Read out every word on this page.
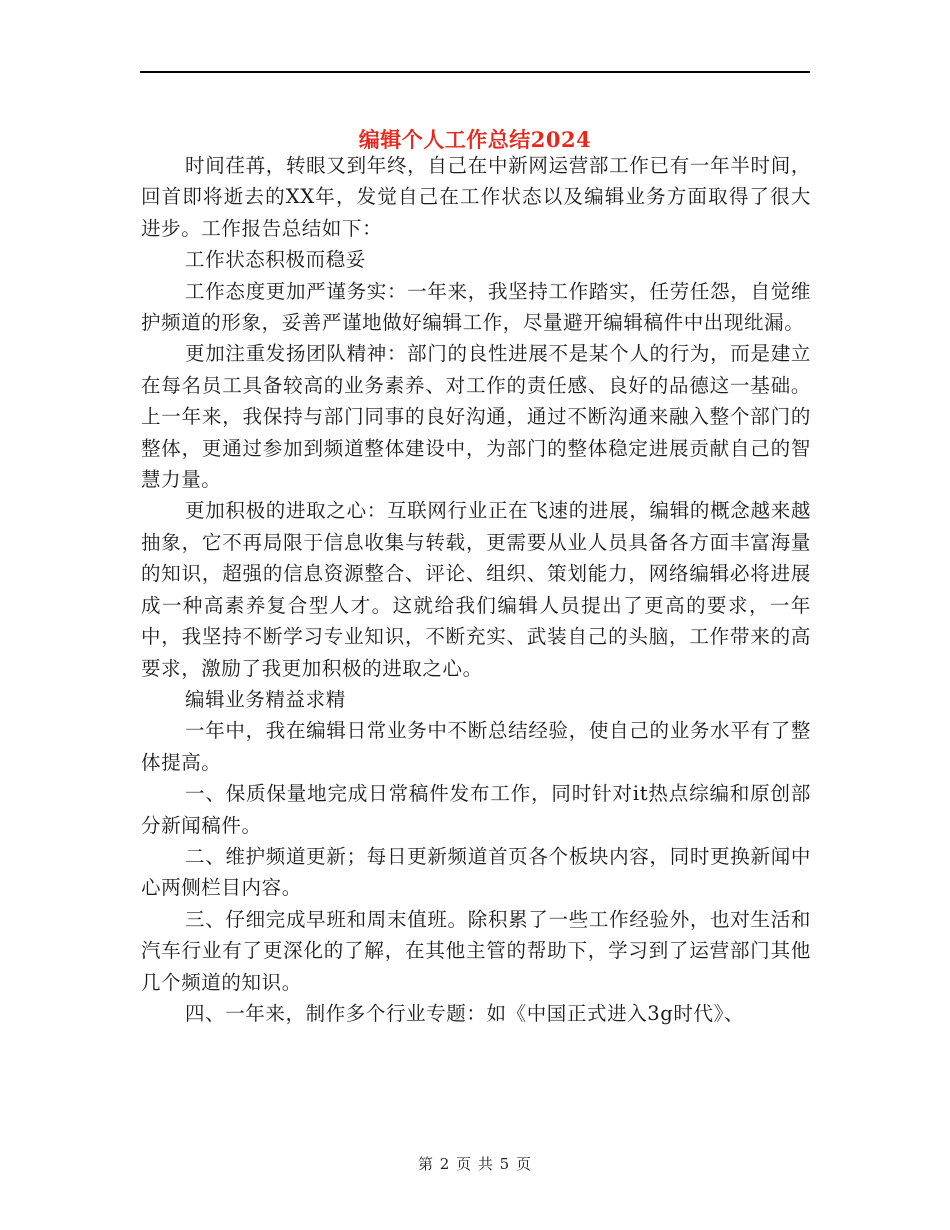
编辑个人工作总结2024

时间荏苒，转眼又到年终，自己在中新网运营部工作已有一年半时间，回首即将逝去的XX年，发觉自己在工作状态以及编辑业务方面取得了很大进步。工作报告总结如下：

工作状态积极而稳妥

工作态度更加严谨务实：一年来，我坚持工作踏实，任劳任怨，自觉维护频道的形象，妥善严谨地做好编辑工作，尽量避开编辑稿件中出现纰漏。

更加注重发扬团队精神：部门的良性进展不是某个人的行为，而是建立在每名员工具备较高的业务素养、对工作的责任感、良好的品德这一基础。上一年来，我保持与部门同事的良好沟通，通过不断沟通来融入整个部门的整体，更通过参加到频道整体建设中，为部门的整体稳定进展贡献自己的智慧力量。

更加积极的进取之心：互联网行业正在飞速的进展，编辑的概念越来越抽象，它不再局限于信息收集与转载，更需要从业人员具备各方面丰富海量的知识，超强的信息资源整合、评论、组织、策划能力，网络编辑必将进展成一种高素养复合型人才。这就给我们编辑人员提出了更高的要求，一年中，我坚持不断学习专业知识，不断充实、武装自己的头脑，工作带来的高要求，激励了我更加积极的进取之心。

编辑业务精益求精

一年中，我在编辑日常业务中不断总结经验，使自己的业务水平有了整体提高。

一、保质保量地完成日常稿件发布工作，同时针对it热点综编和原创部分新闻稿件。

二、维护频道更新；每日更新频道首页各个板块内容，同时更换新闻中心两侧栏目内容。

三、仔细完成早班和周末值班。除积累了一些工作经验外，也对生活和汽车行业有了更深化的了解，在其他主管的帮助下，学习到了运营部门其他几个频道的知识。

四、一年来，制作多个行业专题：如《中国正式进入3g时代》、

第 2 页 共 5 页
